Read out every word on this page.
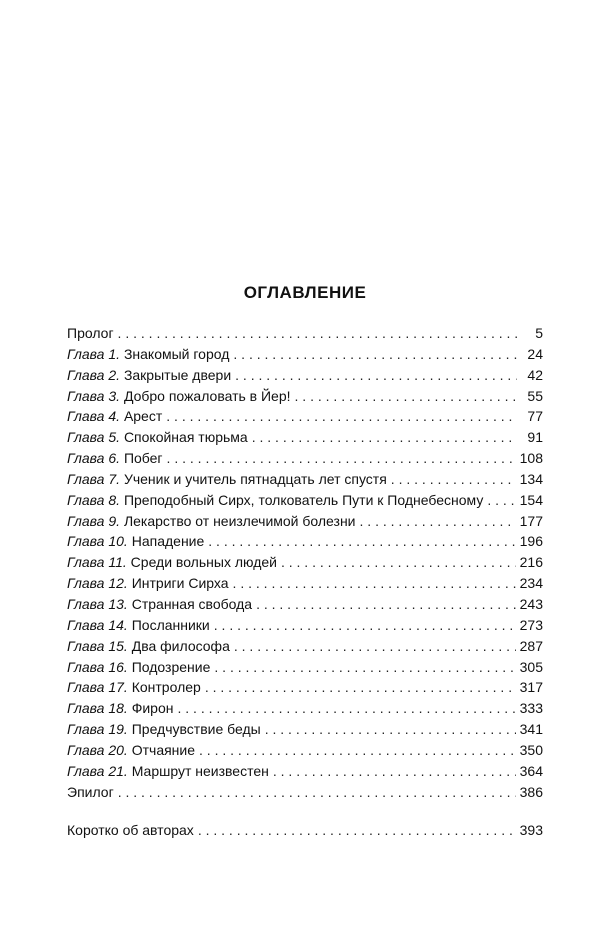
ОГЛАВЛЕНИЕ
Пролог . . .	5
Глава 1. Знакомый город . . .	24
Глава 2. Закрытые двери . . .	42
Глава 3. Добро пожаловать в Йер! . . .	55
Глава 4. Арест . . .	77
Глава 5. Спокойная тюрьма . . .	91
Глава 6. Побег . . .	108
Глава 7. Ученик и учитель пятнадцать лет спустя . . .	134
Глава 8. Преподобный Сирх, толкователь Пути к Поднебесному . . .	154
Глава 9. Лекарство от неизлечимой болезни . . .	177
Глава 10. Нападение . . .	196
Глава 11. Среди вольных людей . . .	216
Глава 12. Интриги Сирха . . .	234
Глава 13. Странная свобода . . .	243
Глава 14. Посланники . . .	273
Глава 15. Два философа . . .	287
Глава 16. Подозрение . . .	305
Глава 17. Контролер . . .	317
Глава 18. Фирон . . .	333
Глава 19. Предчувствие беды . . .	341
Глава 20. Отчаяние . . .	350
Глава 21. Маршрут неизвестен . . .	364
Эпилог . . .	386
Коротко об авторах . . .	393
